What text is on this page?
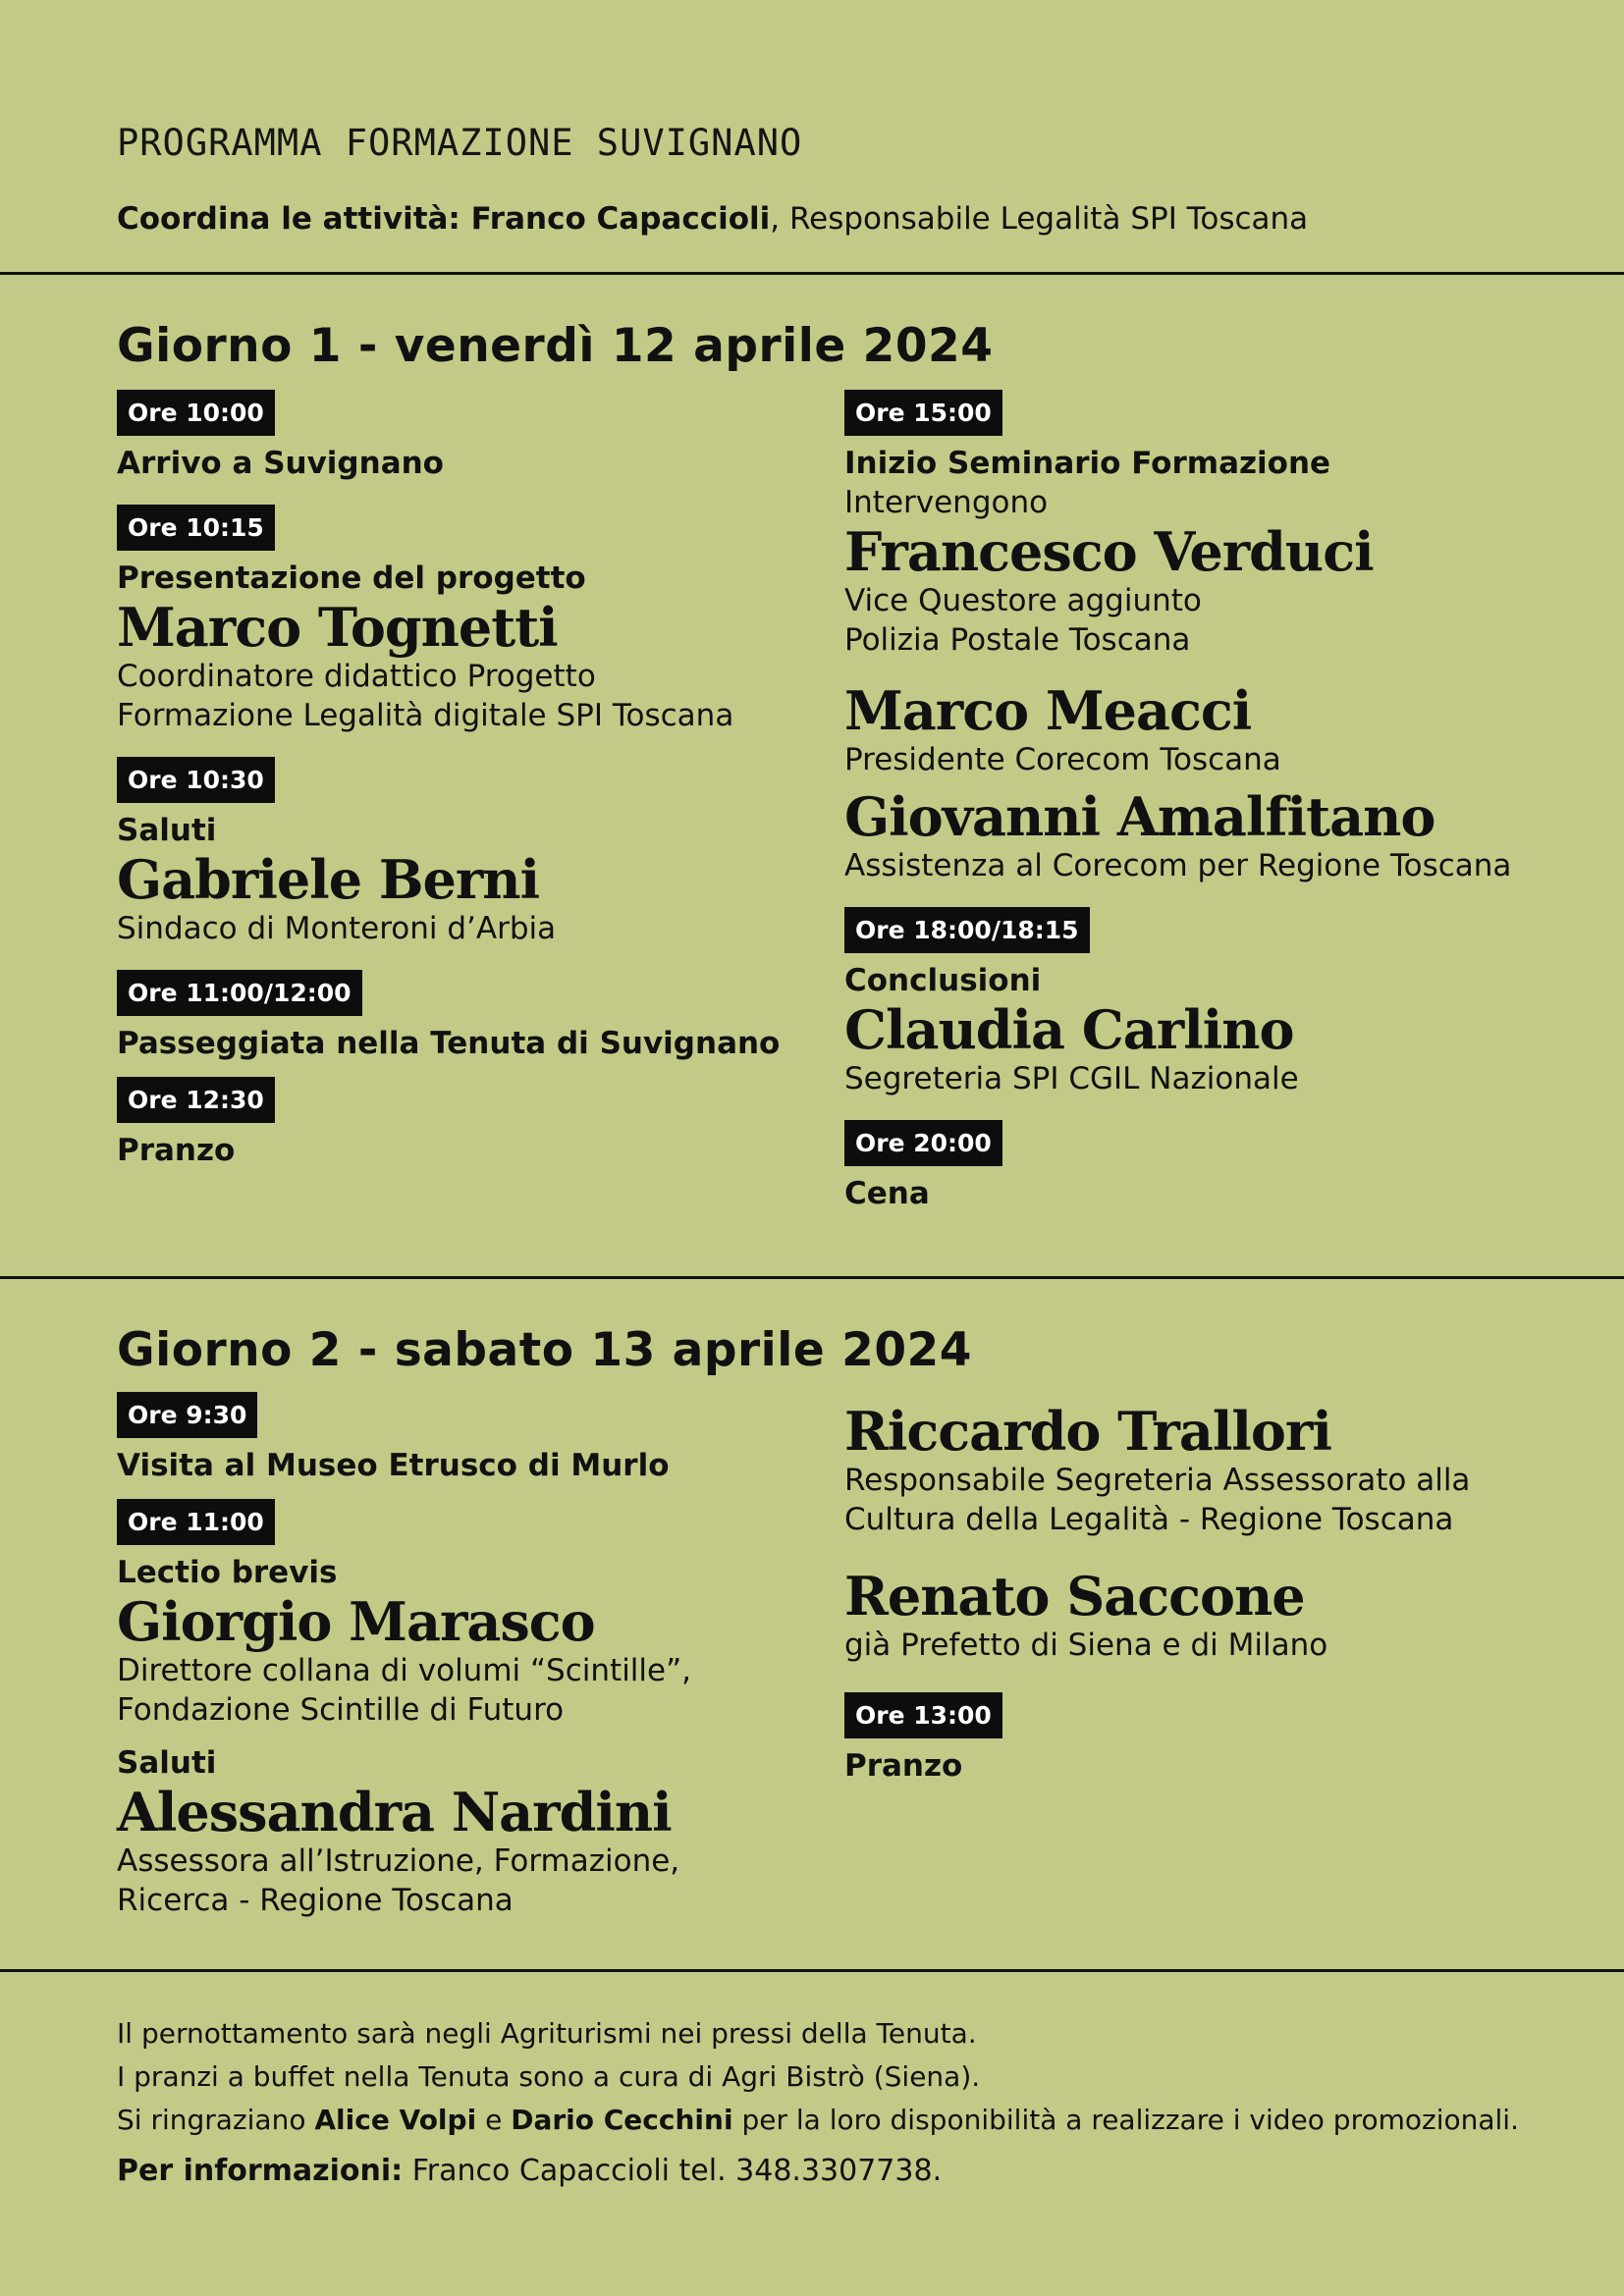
PROGRAMMA FORMAZIONE SUVIGNANO
Coordina le attività: Franco Capaccioli, Responsabile Legalità SPI Toscana
Giorno 1 - venerdì 12 aprile 2024
Ore 10:00
Arrivo a Suvignano
Ore 10:15
Presentazione del progetto
Marco Tognetti
Coordinatore didattico Progetto
Formazione Legalità digitale SPI Toscana
Ore 10:30
Saluti
Gabriele Berni
Sindaco di Monteroni d’Arbia
Ore 11:00/12:00
Passeggiata nella Tenuta di Suvignano
Ore 12:30
Pranzo
Ore 15:00
Inizio Seminario Formazione
Intervengono
Francesco Verduci
Vice Questore aggiunto
Polizia Postale Toscana
Marco Meacci
Presidente Corecom Toscana
Giovanni Amalfitano
Assistenza al Corecom per Regione Toscana
Ore 18:00/18:15
Conclusioni
Claudia Carlino
Segreteria SPI CGIL Nazionale
Ore 20:00
Cena
Giorno 2 - sabato 13 aprile 2024
Ore 9:30
Visita al Museo Etrusco di Murlo
Ore 11:00
Lectio brevis
Giorgio Marasco
Direttore collana di volumi “Scintille”,
Fondazione Scintille di Futuro
Saluti
Alessandra Nardini
Assessora all’Istruzione, Formazione,
Ricerca - Regione Toscana
Riccardo Trallori
Responsabile Segreteria Assessorato alla
Cultura della Legalità - Regione Toscana
Renato Saccone
già Prefetto di Siena e di Milano
Ore 13:00
Pranzo
Il pernottamento sarà negli Agriturismi nei pressi della Tenuta.
I pranzi a buffet nella Tenuta sono a cura di Agri Bistrò (Siena).
Si ringraziano Alice Volpi e Dario Cecchini per la loro disponibilità a realizzare i video promozionali.
Per informazioni: Franco Capaccioli tel. 348.3307738.
